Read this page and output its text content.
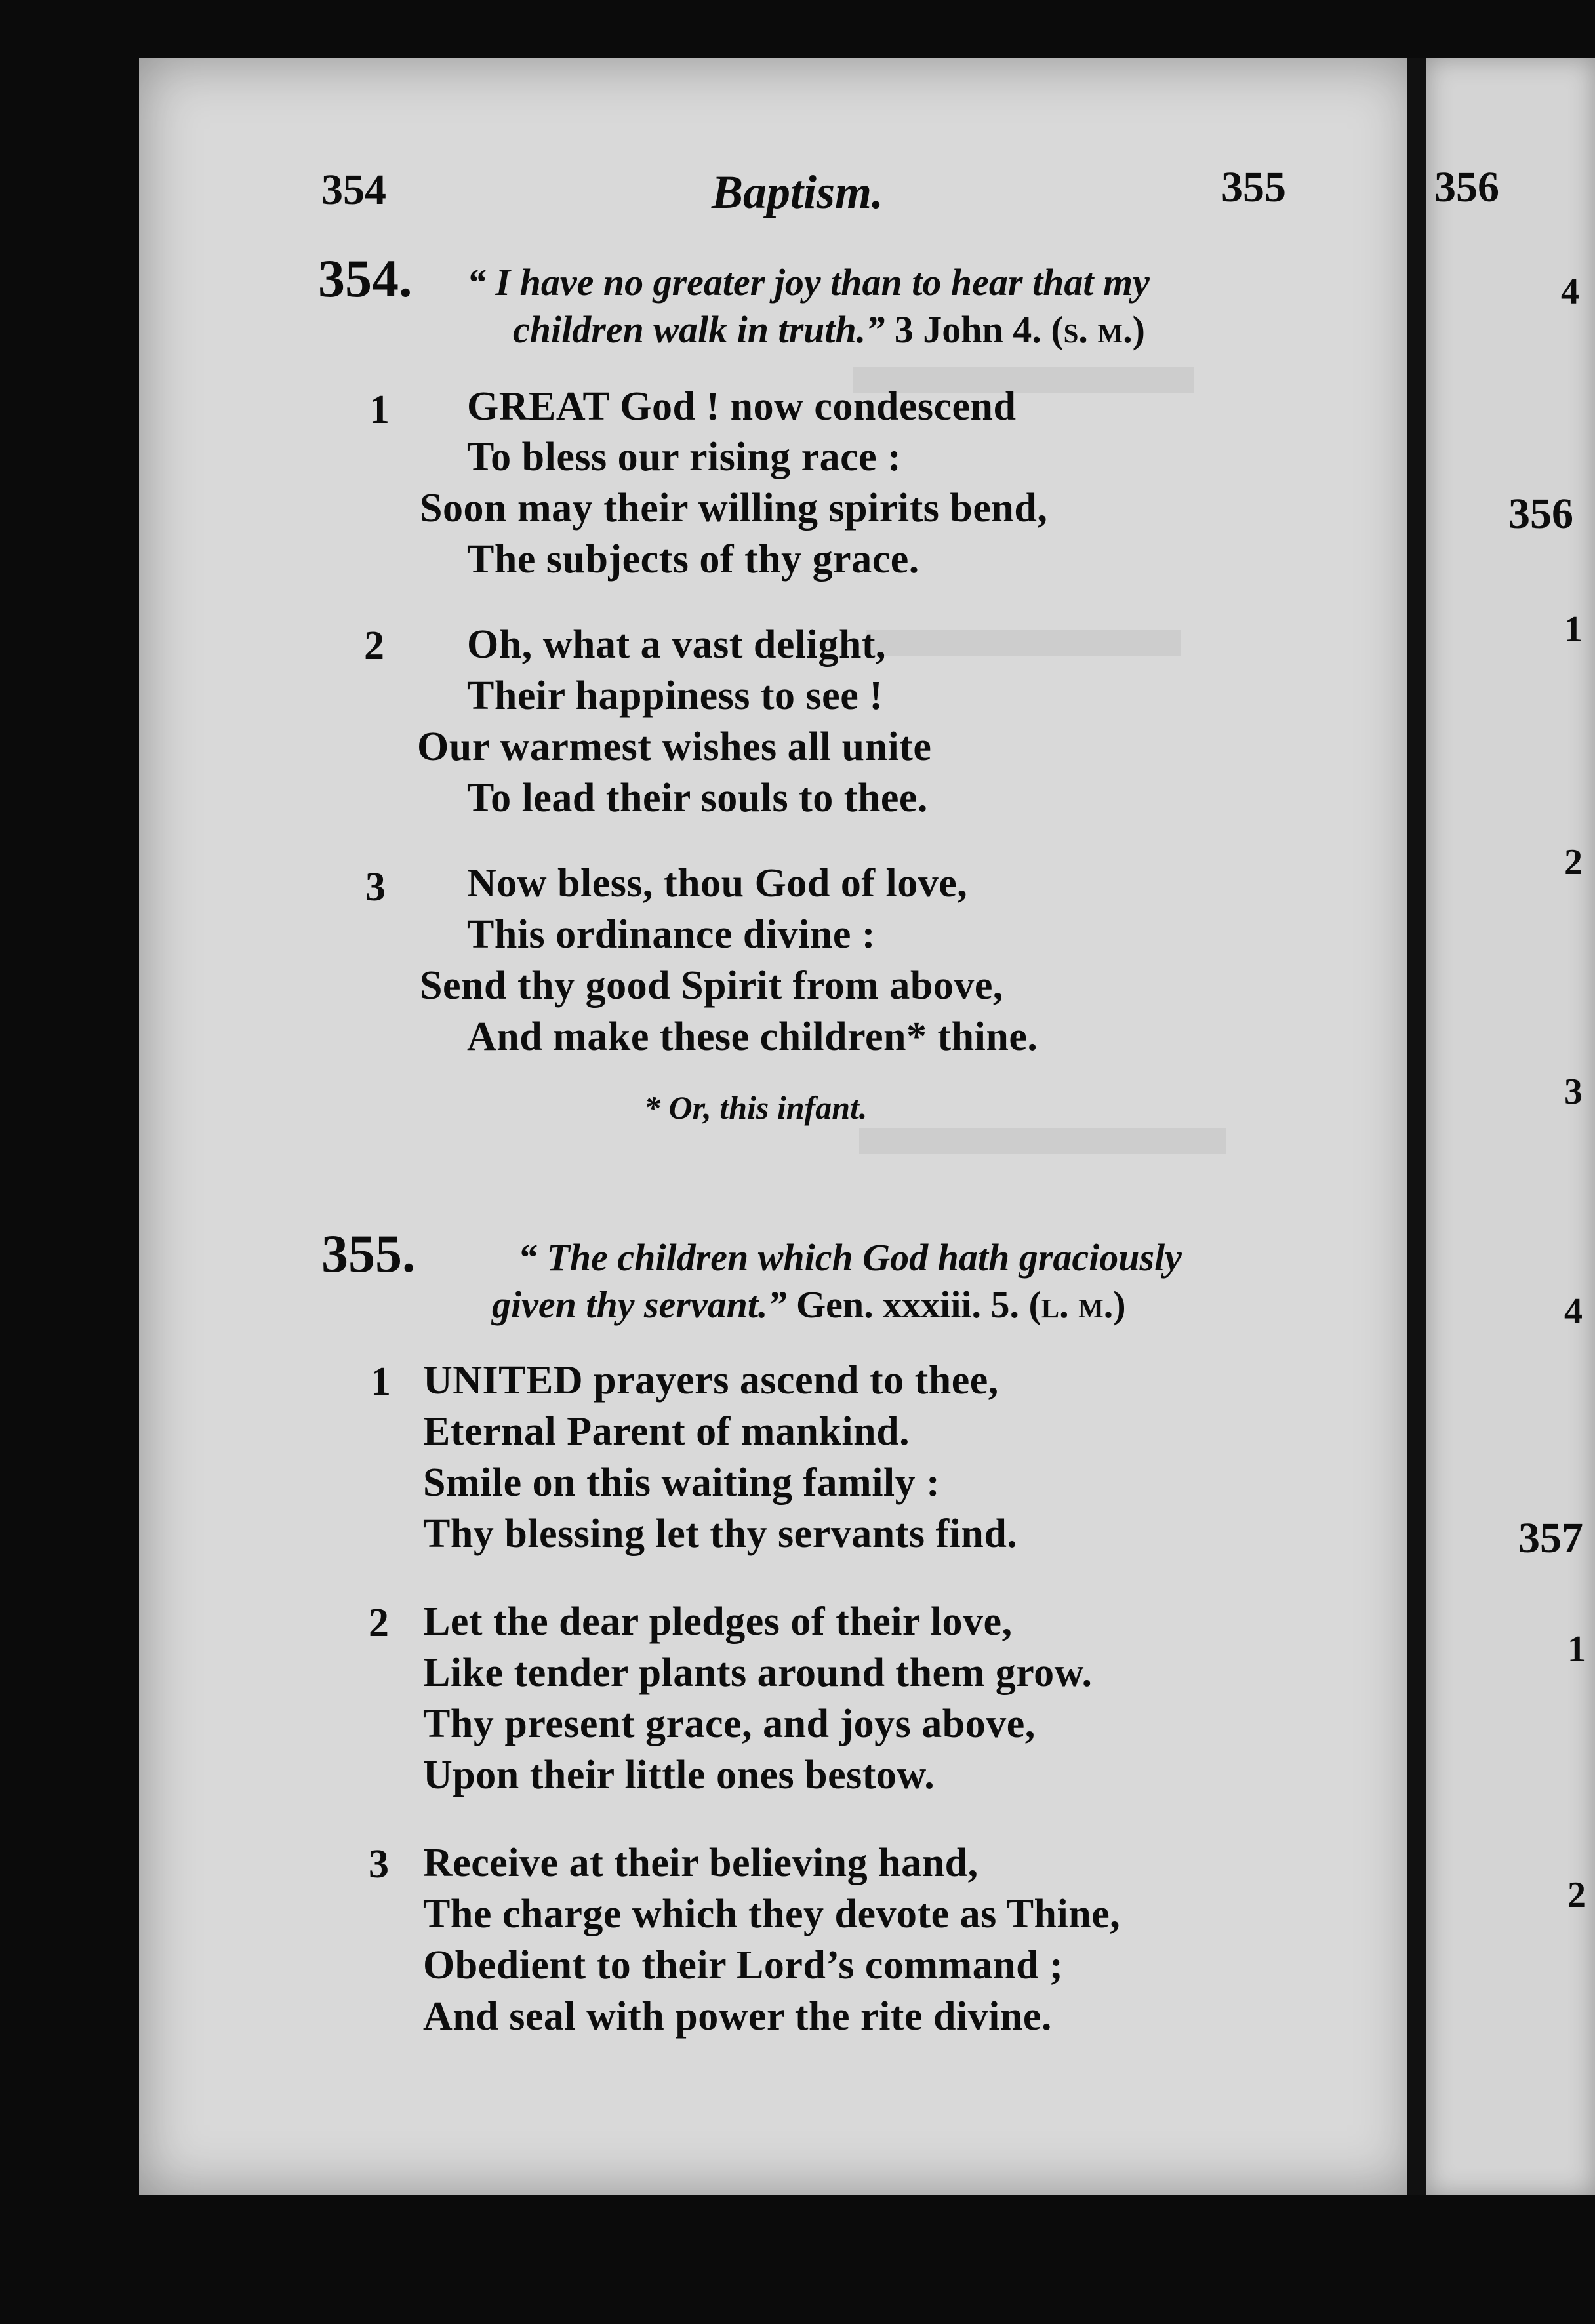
356
4
356
1
2
3
4
357
1
2
354	Baptism.	355
354. “ I have no greater joy than to hear that my
children walk in truth.” 3 John 4. (s. m.)
1 GREAT God ! now condescend
To bless our rising race :
Soon may their willing spirits bend,
The subjects of thy grace.
2 Oh, what a vast delight,
Their happiness to see !
Our warmest wishes all unite
To lead their souls to thee.
3 Now bless, thou God of love,
This ordinance divine :
Send thy good Spirit from above,
And make these children* thine.
* Or, this infant.
355.	“ The children which God hath graciously
given thy servant.” Gen. xxxiii. 5. (l. m.)
1 UNITED prayers ascend to thee,
Eternal Parent of mankind.
Smile on this waiting family :
Thy blessing let thy servants find.
2 Let the dear pledges of their love,
Like tender plants around them grow.
Thy present grace, and joys above,
Upon their little ones bestow.
3 Receive at their believing hand,
The charge which they devote as Thine,
Obedient to their Lord’s command ;
And seal with power the rite divine.
